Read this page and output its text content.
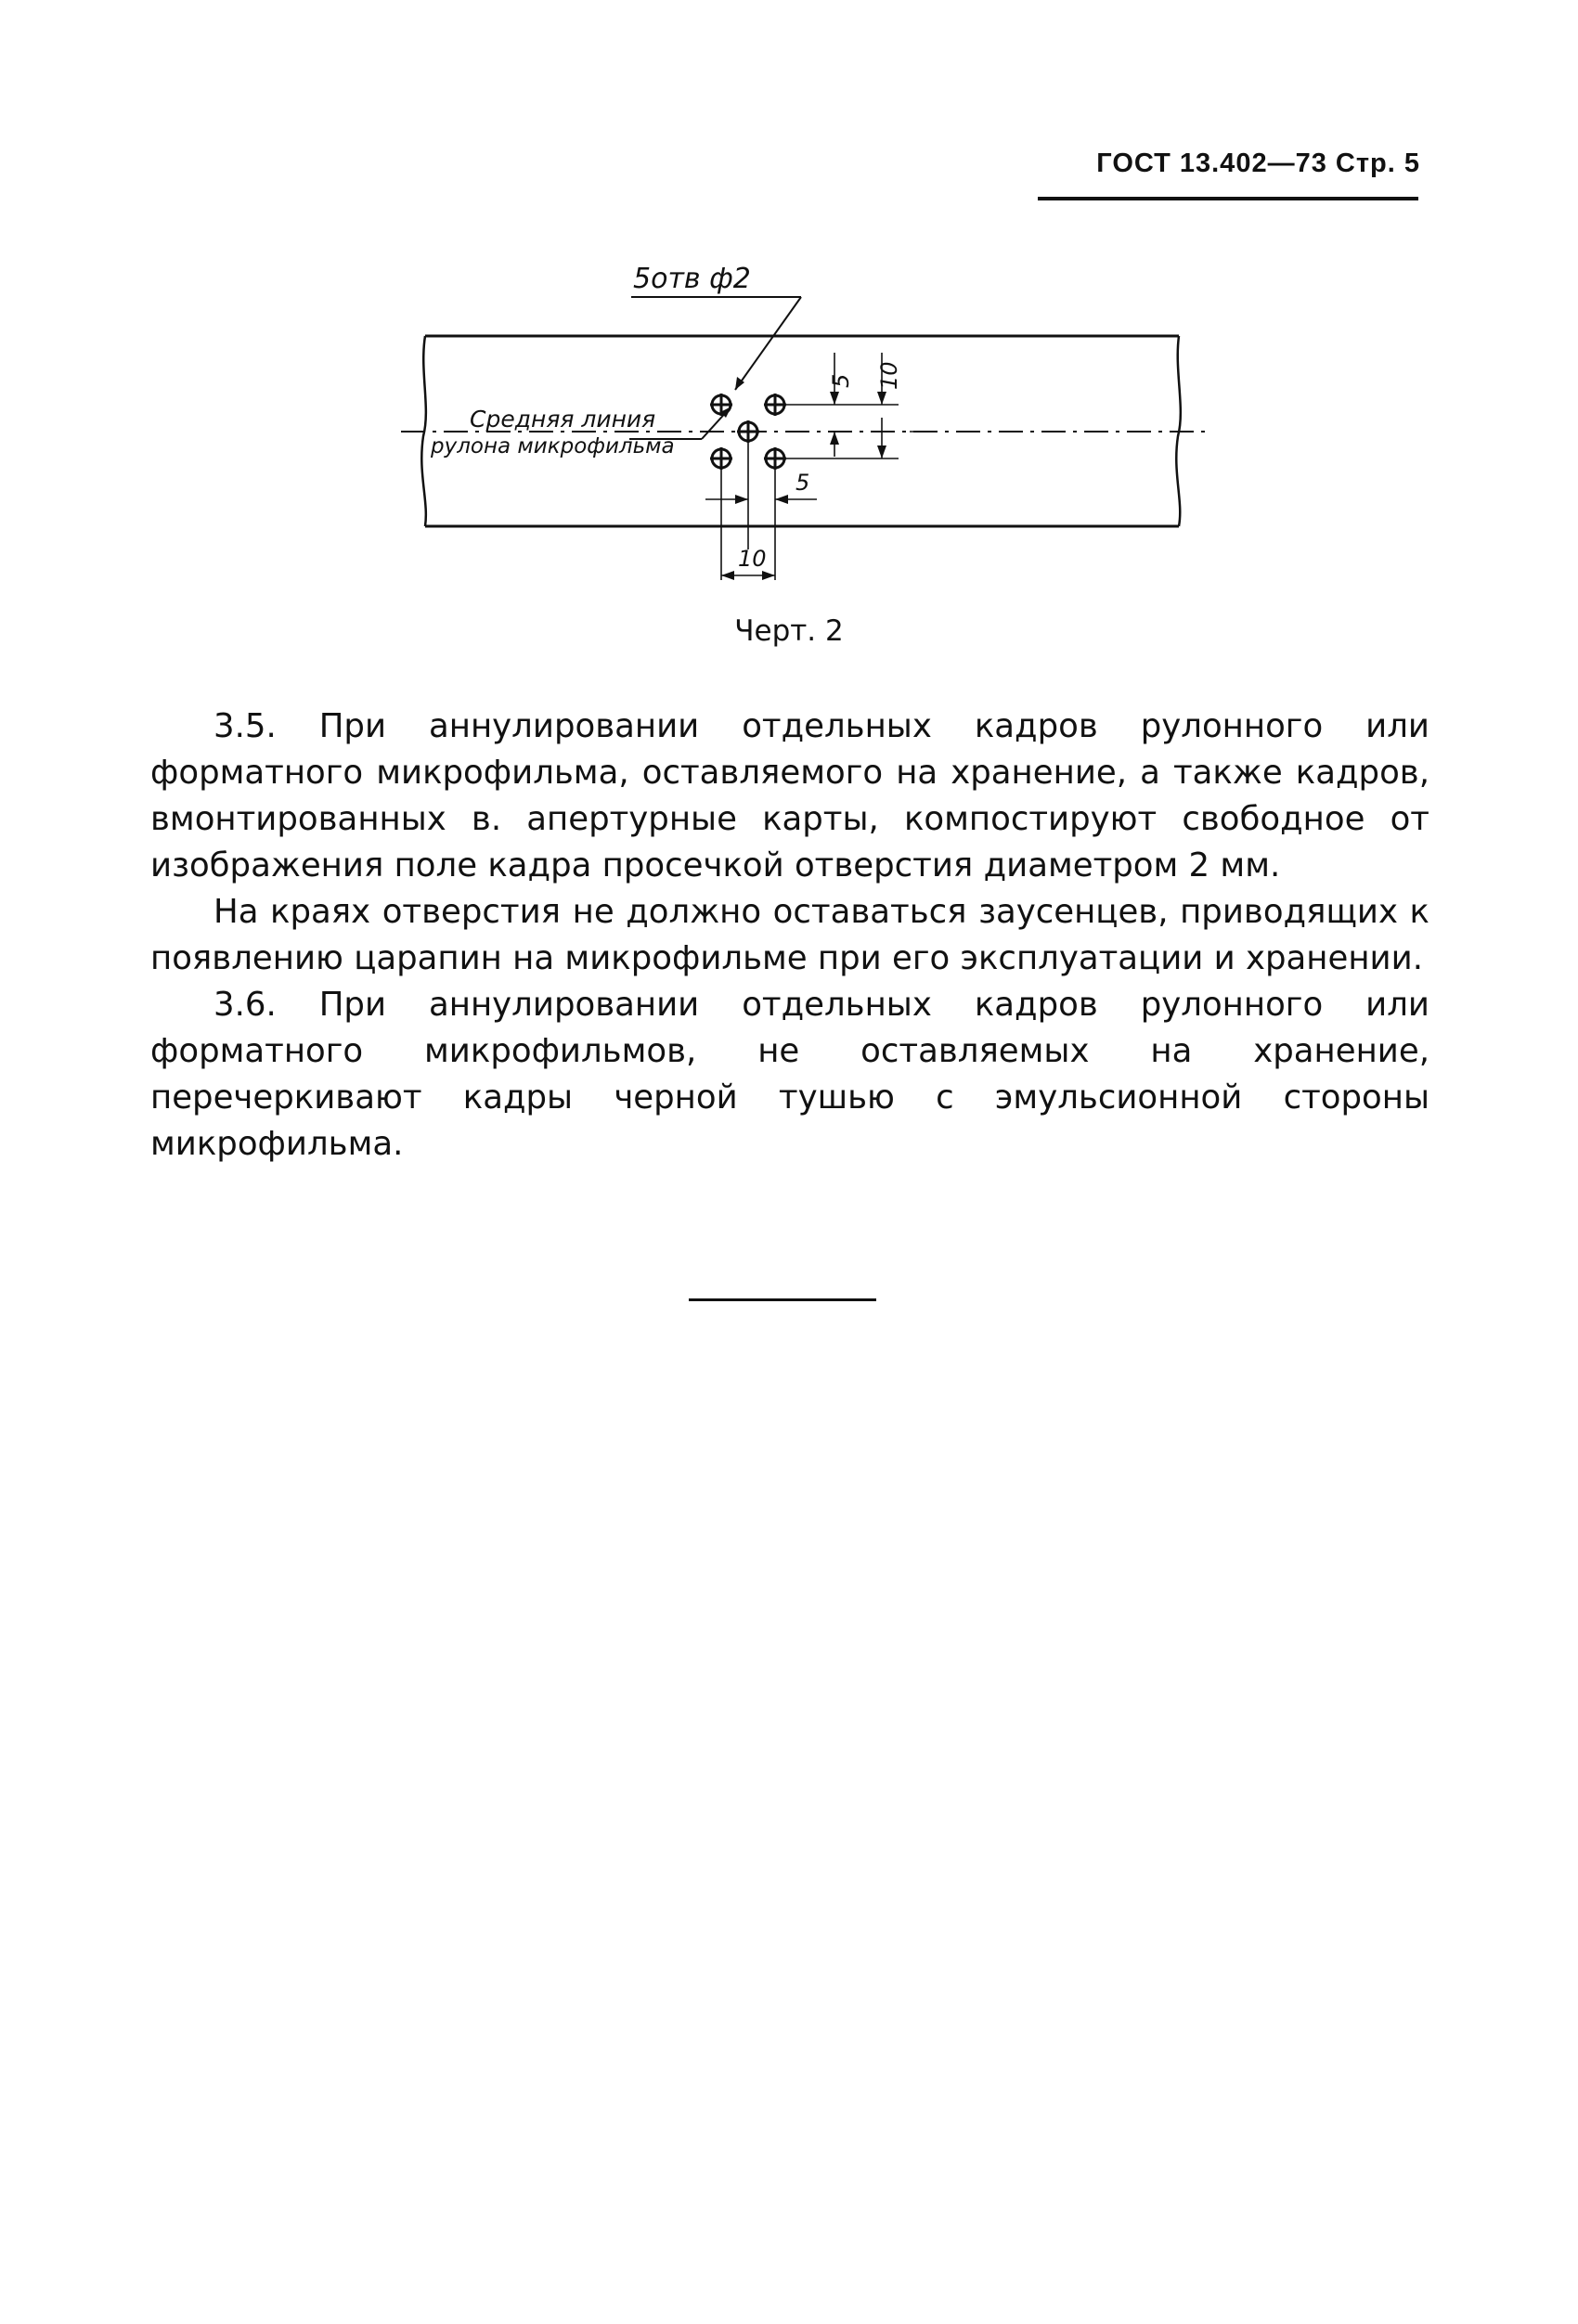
ГОСТ 13.402—73 Стр. 5
5отв ф2
Средняя линия
рулона микрофильма
5 10
5
10
Черт. 2

3.5. При аннулировании отдельных кадров рулонного или форматного микрофильма, оставляемого на хранение, а также кадров, вмонтированных в. апертурные карты, компостируют свободное от изображения поле кадра просечкой отверстия диаметром 2 мм.

На краях отверстия не должно оставаться заусенцев, приводящих к появлению царапин на микрофильме при его эксплуатации и хранении.

3.6. При аннулировании отдельных кадров рулонного или форматного микрофильмов, не оставляемых на хранение, перечеркивают кадры черной тушью с эмульсионной стороны микрофильма.
